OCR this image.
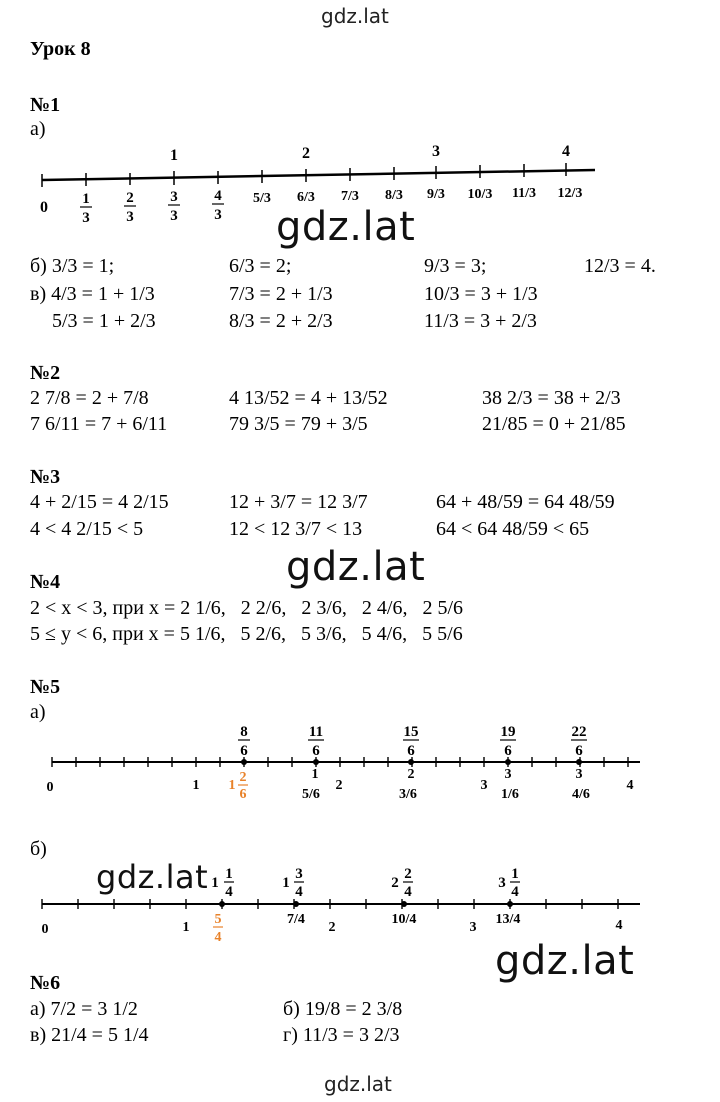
gdz.lat
gdz.lat
gdz.lat
gdz.lat
gdz.lat
gdz.lat
Урок 8
№1
а)
1	2	3	4
0 1
3
2
3
3
3
4
3
5/3 6/3 7/3 8/3 9/3 10/3 11/3 12/3
б) 3/3 = 1;	6/3 = 2;	9/3 = 3;	12/3 = 4.
в) 4/3 = 1 + 1/3	7/3 = 2 + 1/3	10/3 = 3 + 1/3
5/3 = 1 + 2/3	8/3 = 2 + 2/3	11/3 = 3 + 2/3
№2
2 7/8 = 2 + 7/8	4 13/52 = 4 + 13/52	38 2/3 = 38 + 2/3
7 6/11 = 7 + 6/11	79 3/5 = 79 + 3/5	21/85 = 0 + 21/85
№3
4 + 2/15 = 4 2/15	12 + 3/7 = 12 3/7	64 + 48/59 = 64 48/59
4 < 4 2/15 < 5	12 < 12 3/7 < 13	64 < 64 48/59 < 65
№4
2 < x < 3, при x = 2 1/6,   2 2/6,   2 3/6,   2 4/6,   2 5/6
5 ≤ y < 6, при x = 5 1/6,   5 2/6,   5 3/6,   5 4/6,   5 5/6
№5
а)
8
6
11
6
15
6
19
6
22
6
0	1	2	3	4
1
5/6
2
3/6
3
1/6
3
4/6
1
2
6
б)
1
1
4
1
3
4
2
2
4
3
1
4
0	1	2	3	4
7/4	10/4	13/4
5
4
№6
а) 7/2 = 3 1/2	б) 19/8 = 2 3/8
в) 21/4 = 5 1/4	г) 11/3 = 3 2/3
